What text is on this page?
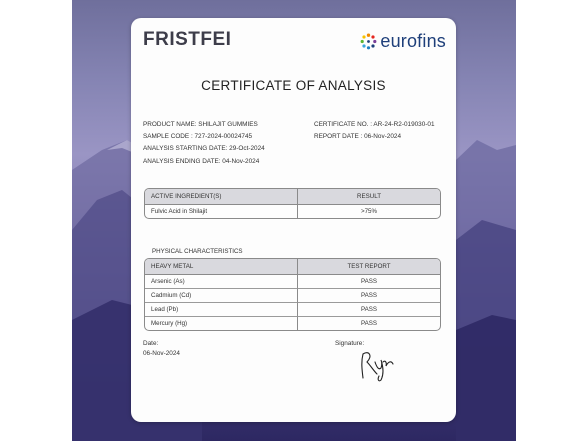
FRISTFEI	eurofins
CERTIFICATE OF ANALYSIS
PRODUCT NAME: SHILAJIT GUMMIES
SAMPLE CODE : 727-2024-00024745
ANALYSIS STARTING DATE: 29-Oct-2024
ANALYSIS ENDING DATE: 04-Nov-2024
CERTIFICATE NO. : AR-24-R2-019030-01
REPORT DATE : 06-Nov-2024
ACTIVE INGREDIENT(S)	RESULT
Fulvic Acid in Shilajit	>75%
PHYSICAL CHARACTERISTICS
HEAVY METAL	TEST REPORT
Arsenic (As)	PASS
Cadmium (Cd)	PASS
Lead (Pb)	PASS
Mercury (Hg)	PASS
Date:
06-Nov-2024
Signature:
